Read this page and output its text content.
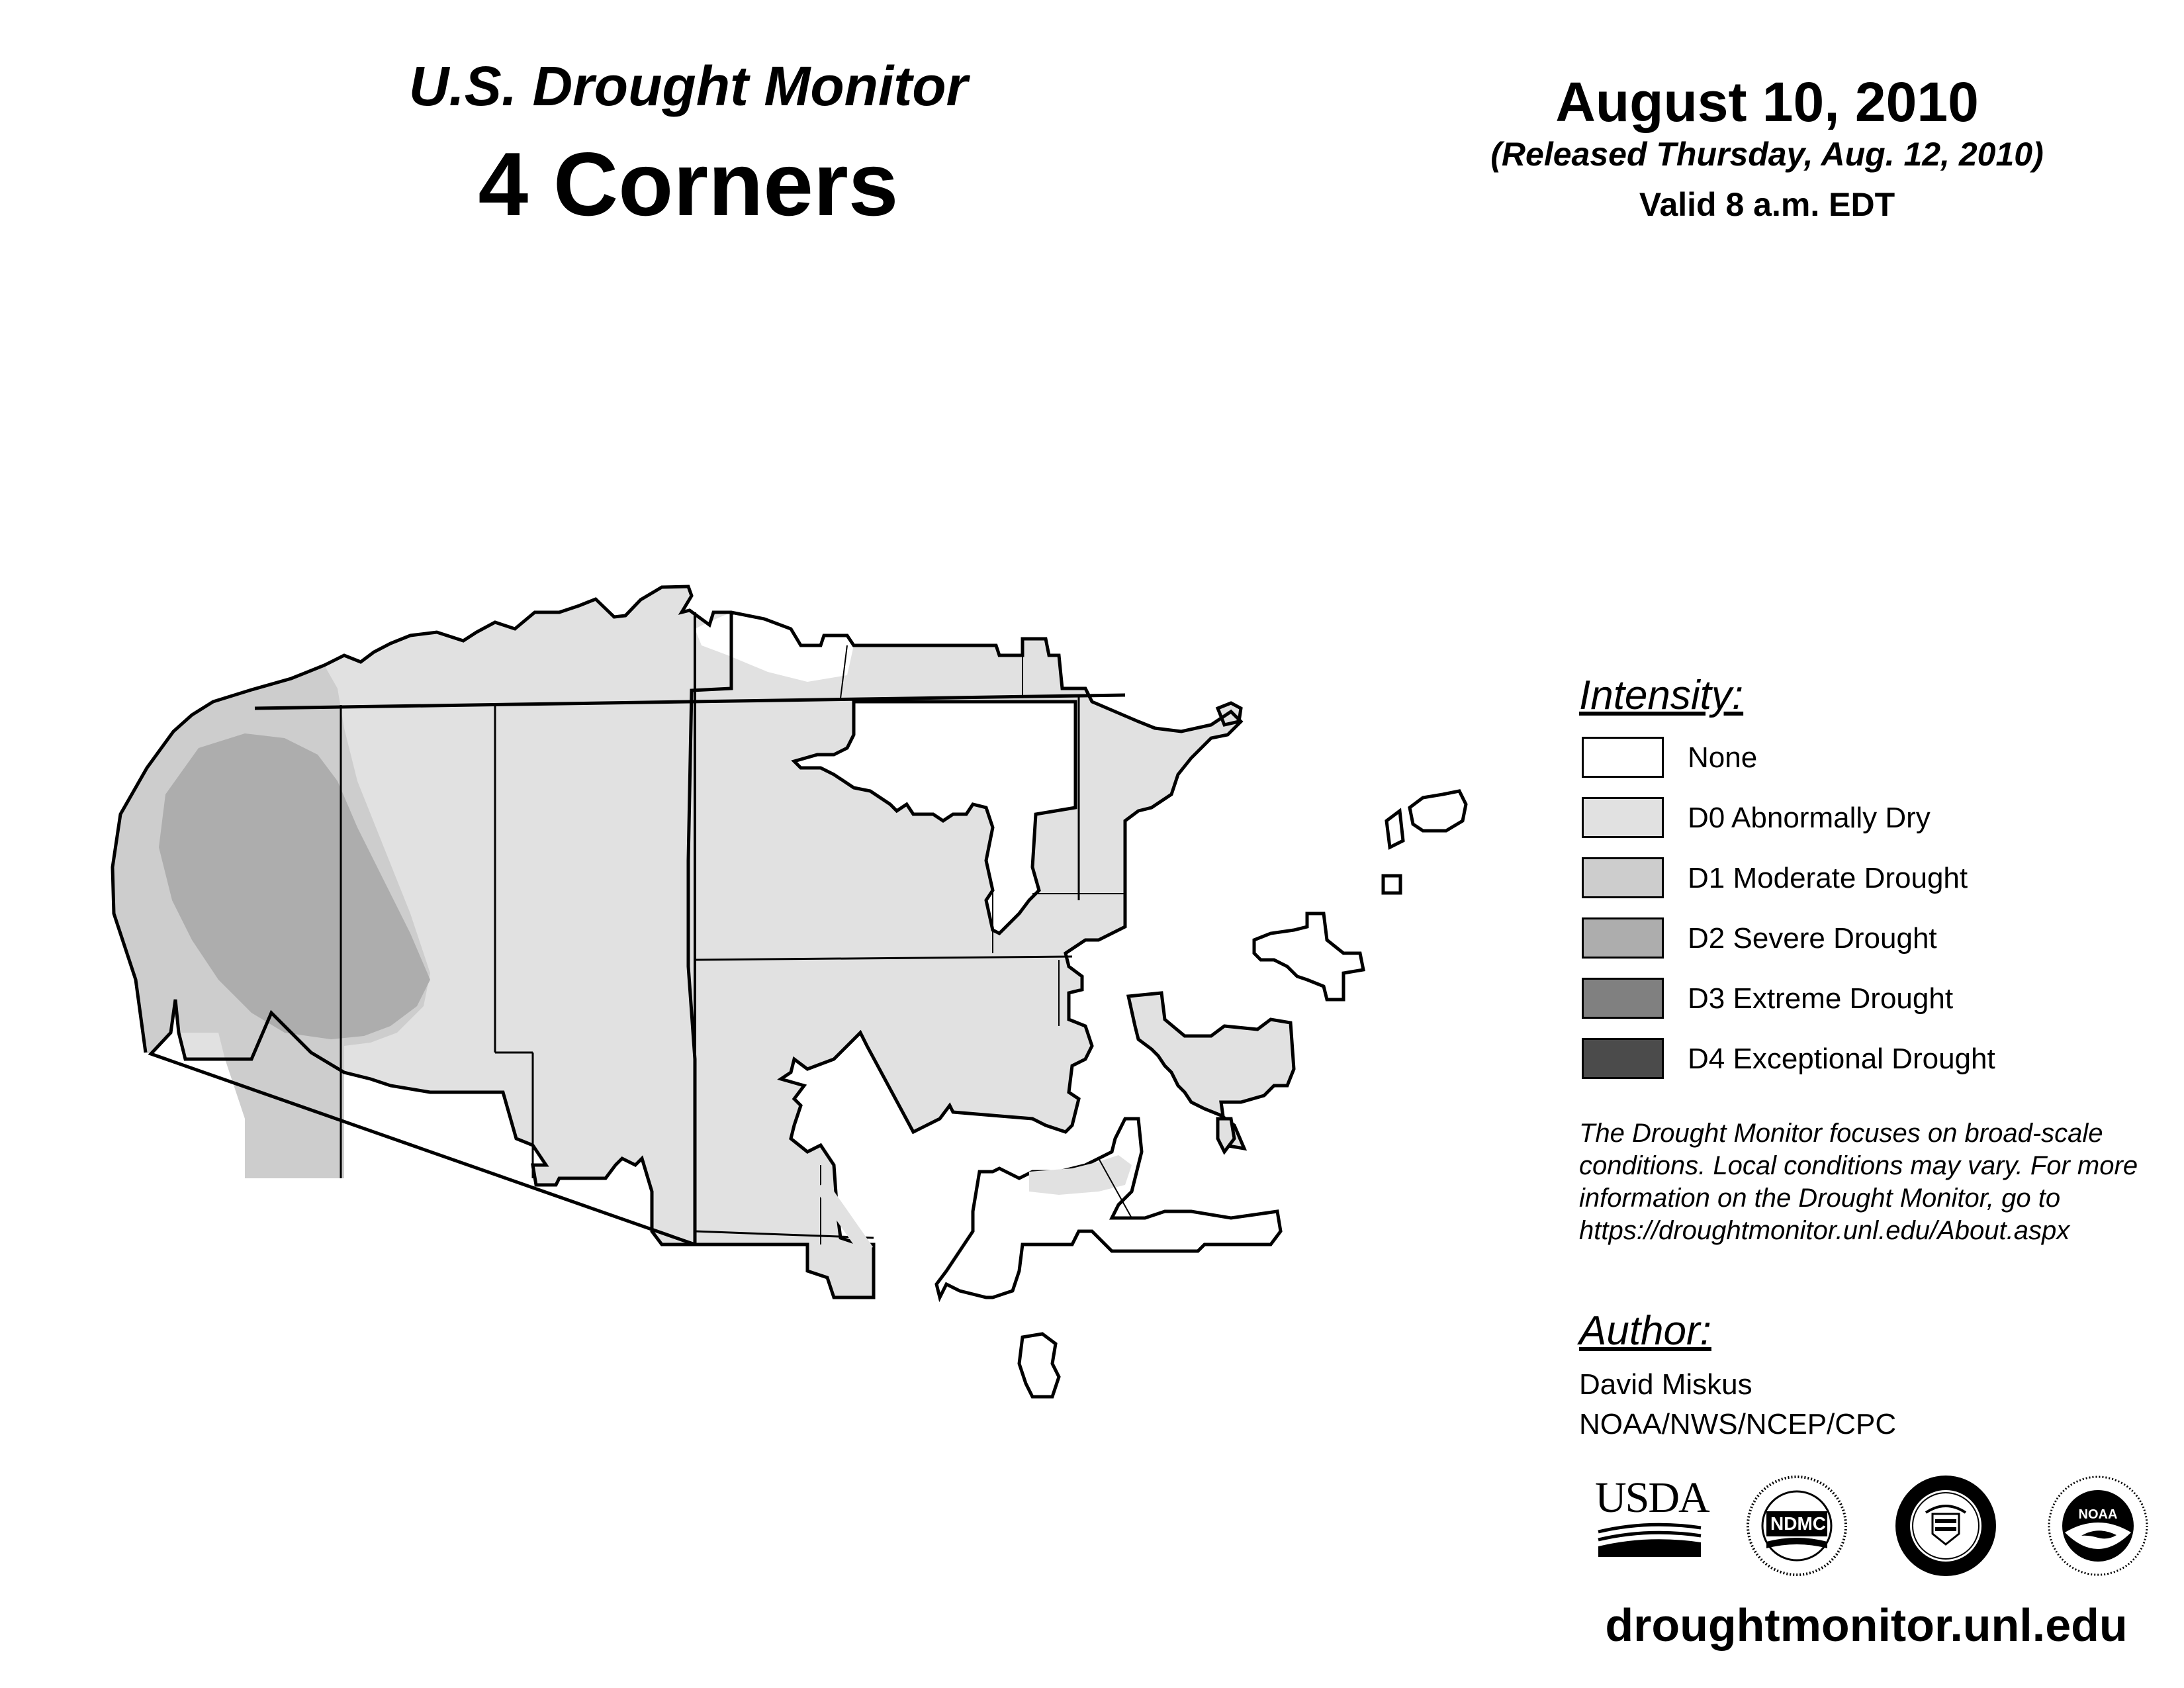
U.S. Drought Monitor
4 Corners
August 10, 2010
(Released Thursday, Aug. 12, 2010)
Valid 8 a.m. EDT
Intensity:
None
D0 Abnormally Dry
D1 Moderate Drought
D2 Severe Drought
D3 Extreme Drought
D4 Exceptional Drought
The Drought Monitor focuses on broad-scale
conditions. Local conditions may vary. For more
information on the Drought Monitor, go to
https://droughtmonitor.unl.edu/About.aspx
Author:
David Miskus
NOAA/NWS/NCEP/CPC
USDA
NDMC	NOAA
droughtmonitor.unl.edu
